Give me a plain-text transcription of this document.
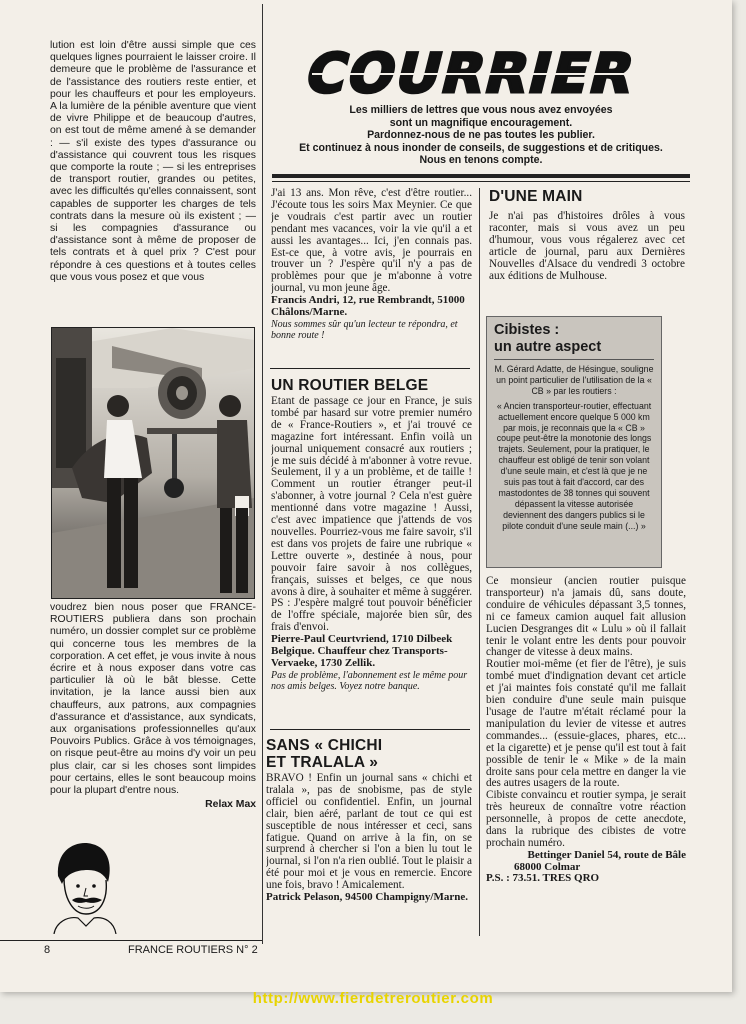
lution est loin d'être aussi simple que ces quelques lignes pourraient le laisser croire. Il demeure que le problème de l'assurance et de l'assistance des routiers reste entier, et pour les chauffeurs et pour les employeurs. A la lumière de la pénible aventure que vient de vivre Philippe et de beaucoup d'autres, on est tout de même amené à se demander : — s'il existe des types d'assurance ou d'assistance qui couvrent tous les risques que comporte la route ; — si les entreprises de transport routier, grandes ou petites, avec les difficultés qu'elles connaissent, sont capables de supporter les charges de tels contrats dans la mesure où ils existent ; — si les compagnies d'assurance ou d'assistance sont à même de proposer de tels contrats et à quel prix ? C'est pour répondre à ces questions et à toutes celles que vous vous posez et que vous

voudrez bien nous poser que FRANCE-ROUTIERS publiera dans son prochain numéro, un dossier complet sur ce problème qui concerne tous les membres de la corporation. A cet effet, je vous invite à nous écrire et à nous exposer dans votre cas particulier là où le bât blesse. Cette invitation, je la lance aussi bien aux chauffeurs, aux patrons, aux compagnies d'assurance et d'assistance, aux syndicats, aux organisations professionnelles qu'aux Pouvoirs Publics. Grâce à vos témoignages, on risque peut-être au moins d'y voir un peu plus clair, car si les choses sont limpides pour certains, elles le sont beaucoup moins pour la plupart d'entre nous.

Relax Max
COURRIER
Les milliers de lettres que vous nous avez envoyées
sont un magnifique encouragement.
Pardonnez-nous de ne pas toutes les publier.
Et continuez à nous inonder de conseils, de suggestions et de critiques.
Nous en tenons compte.

J'ai 13 ans. Mon rêve, c'est d'être routier... J'écoute tous les soirs Max Meynier. Ce que je voudrais c'est partir avec un routier pendant mes vacances, voir la vie qu'il a et aussi les avantages... Ici, j'en connais pas. Est-ce que, à votre avis, je pourrais en trouver un ? J'espère qu'il n'y a pas de problèmes pour que je m'abonne à votre journal, vu mon jeune âge.

Francis Andri, 12, rue Rembrandt, 51000 Châlons/Marne.

Nous sommes sûr qu'un lecteur te répondra, et bonne route !

UN ROUTIER BELGE

Etant de passage ce jour en France, je suis tombé par hasard sur votre premier numéro de « France-Routiers », et j'ai trouvé ce magazine fort intéressant. Enfin voilà un journal uniquement consacré aux routiers ; je me suis décidé à m'abonner à votre revue. Seulement, il y a un problème, et de taille ! Comment un routier étranger peut-il s'abonner, à votre journal ? Cela n'est guère mentionné dans votre magazine ! Aussi, c'est avec impatience que j'attends de vos nouvelles. Pourriez-vous me faire savoir, s'il est dans vos projets de faire une rubrique « Lettre ouverte », destinée à nous, pour pouvoir faire savoir à nos collègues, français, suisses et belges, ce que nous avons à dire, à souhaiter et même à suggérer. PS : J'espère malgré tout pouvoir bénéficier de l'offre spéciale, majorée bien sûr, des frais d'envoi.

Pierre-Paul Ceurtvriend, 1710 Dilbeek Belgique. Chauffeur chez Transports-Vervaeke, 1730 Zellik.

Pas de problème, l'abonnement est le même pour nos amis belges. Voyez notre banque.

SANS « CHICHI

ET TRALALA »

BRAVO ! Enfin un journal sans « chichi et tralala », pas de snobisme, pas de style officiel ou confidentiel. Enfin, un journal clair, bien aéré, parlant de tout ce qui est susceptible de nous intéresser et ceci, sans fatigue. Quand on arrive à la fin, on se surprend à chercher si l'on a bien lu tout le journal, si l'on n'a rien oublié. Tout le plaisir a été pour moi et je vous en remercie. Encore une fois, bravo ! Amicalement.

Patrick Pelason, 94500 Champigny/Marne.

D'UNE MAIN

Je n'ai pas d'histoires drôles à vous raconter, mais si vous avez un peu d'humour, vous vous régalerez avec cet article de journal, paru aux Dernières Nouvelles d'Alsace du vendredi 3 octobre aux éditions de Mulhouse.

Cibistes :

un autre aspect

M. Gérard Adatte, de Hésingue, souligne un point particulier de l'utilisation de la « CB » par les routiers :

« Ancien transporteur-routier, effectuant actuellement encore quelque 5 000 km par mois, je reconnais que la « CB » coupe peut-être la monotonie des longs trajets. Seulement, pour la pratiquer, le chauffeur est obligé de tenir son volant d'une seule main, et c'est là que je ne suis pas tout à fait d'accord, car des mastodontes de 38 tonnes qui souvent dépassent la vitesse autorisée deviennent des dangers publics si le pilote conduit d'une seule main (...) »

Ce monsieur (ancien routier puisque transporteur) n'a jamais dû, sans doute, conduire de véhicules dépassant 3,5 tonnes, ni ce fameux camion auquel fait allusion Lucien Desgranges dit « Lulu » où il fallait tenir le volant entre les dents pour pouvoir changer de vitesse à deux mains.

Routier moi-même (et fier de l'être), je suis tombé muet d'indignation devant cet article et j'ai maintes fois constaté qu'il me fallait bien conduire d'une seule main puisque l'usage de l'autre m'était réclamé pour la manipulation du levier de vitesse et autres commandes... (essuie-glaces, phares, etc... et la cigarette) et je pense qu'il est tout à fait possible de tenir le « Mike » de la main droite sans pour cela mettre en danger la vie des autres usagers de la route.

Cibiste convaincu et routier sympa, je serait très heureux de connaître votre réaction personnelle, à propos de cette anecdote, dans la rubrique des cibistes de votre prochain numéro.

Bettinger Daniel 54, route de Bâle

68000 Colmar

P.S. : 73.51. TRES QRO

8	FRANCE ROUTIERS N° 2
http://www.fierdetreroutier.com
